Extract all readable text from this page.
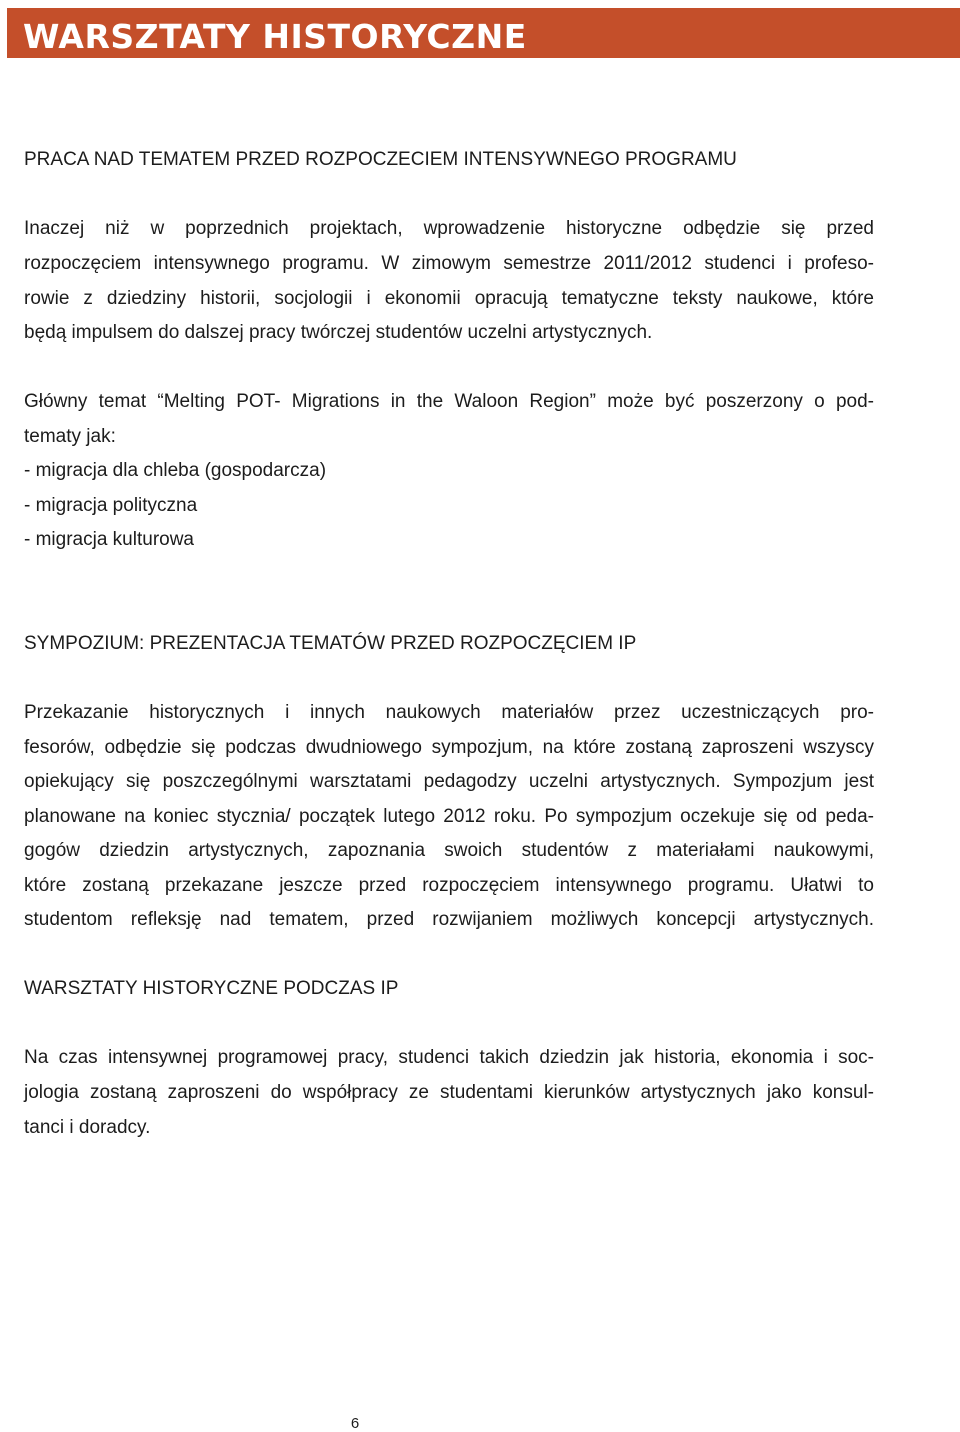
WARSZTATY HISTORYCZNE

PRACA NAD TEMATEM PRZED ROZPOCZECIEM INTENSYWNEGO PROGRAMU

Inaczej niż w poprzednich projektach, wprowadzenie historyczne odbędzie się przed

rozpoczęciem intensywnego programu. W zimowym semestrze 2011/2012 studenci i profeso-

rowie z dziedziny historii, socjologii i ekonomii opracują tematyczne teksty naukowe, które

będą impulsem do dalszej pracy twórczej studentów uczelni artystycznych.

Główny temat “Melting POT- Migrations in the Waloon Region” może być poszerzony o pod-

tematy jak:

- migracja dla chleba (gospodarcza)

- migracja polityczna

- migracja kulturowa

SYMPOZIUM: PREZENTACJA TEMATÓW PRZED ROZPOCZĘCIEM IP

Przekazanie historycznych i innych naukowych materiałów przez uczestniczących pro-

fesorów, odbędzie się podczas dwudniowego sympozjum, na które zostaną zaproszeni wszyscy

opiekujący się poszczególnymi warsztatami pedagodzy uczelni artystycznych. Sympozjum jest

planowane na koniec stycznia/ początek lutego 2012 roku. Po sympozjum oczekuje się od peda-

gogów dziedzin artystycznych, zapoznania swoich studentów z materiałami naukowymi,

które zostaną przekazane jeszcze przed rozpoczęciem intensywnego programu. Ułatwi to

studentom refleksję nad tematem, przed rozwijaniem możliwych koncepcji artystycznych.

WARSZTATY HISTORYCZNE PODCZAS IP

Na czas intensywnej programowej pracy, studenci takich dziedzin jak historia, ekonomia i soc-

jologia zostaną zaproszeni do współpracy ze studentami kierunków artystycznych jako konsul-

tanci i doradcy.

6
